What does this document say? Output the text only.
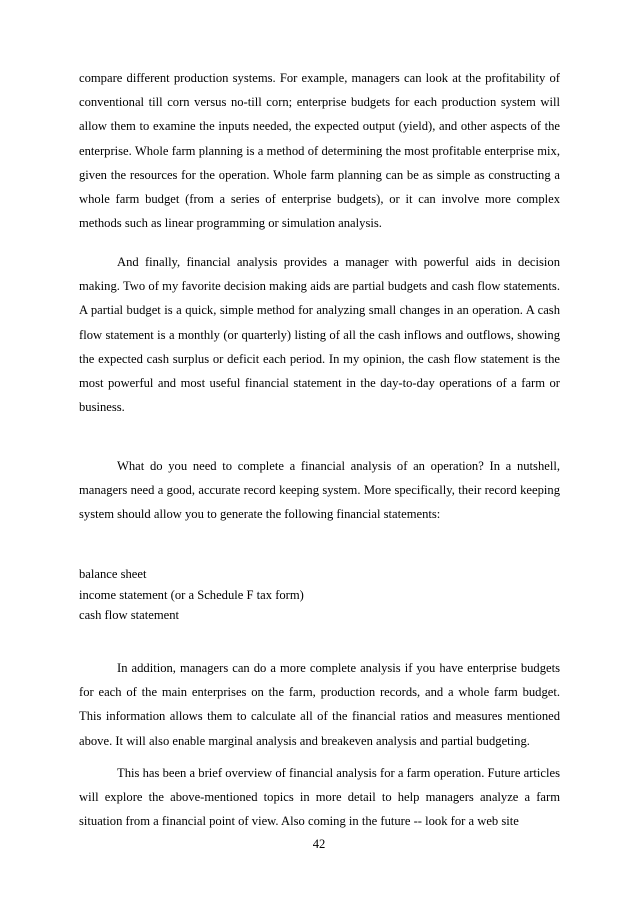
compare different production systems. For example, managers can look at the profitability of conventional till corn versus no-till corn; enterprise budgets for each production system will allow them to examine the inputs needed, the expected output (yield), and other aspects of the enterprise. Whole farm planning is a method of determining the most profitable enterprise mix, given the resources for the operation. Whole farm planning can be as simple as constructing a whole farm budget (from a series of enterprise budgets), or it can involve more complex methods such as linear programming or simulation analysis.

And finally, financial analysis provides a manager with powerful aids in decision making. Two of my favorite decision making aids are partial budgets and cash flow statements. A partial budget is a quick, simple method for analyzing small changes in an operation. A cash flow statement is a monthly (or quarterly) listing of all the cash inflows and outflows, showing the expected cash surplus or deficit each period. In my opinion, the cash flow statement is the most powerful and most useful financial statement in the day-to-day operations of a farm or business.

What do you need to complete a financial analysis of an operation? In a nutshell, managers need a good, accurate record keeping system. More specifically, their record keeping system should allow you to generate the following financial statements:

balance sheet
income statement (or a Schedule F tax form)
cash flow statement

In addition, managers can do a more complete analysis if you have enterprise budgets for each of the main enterprises on the farm, production records, and a whole farm budget. This information allows them to calculate all of the financial ratios and measures mentioned above. It will also enable marginal analysis and breakeven analysis and partial budgeting.

This has been a brief overview of financial analysis for a farm operation. Future articles will explore the above-mentioned topics in more detail to help managers analyze a farm situation from a financial point of view. Also coming in the future -- look for a web site

42
